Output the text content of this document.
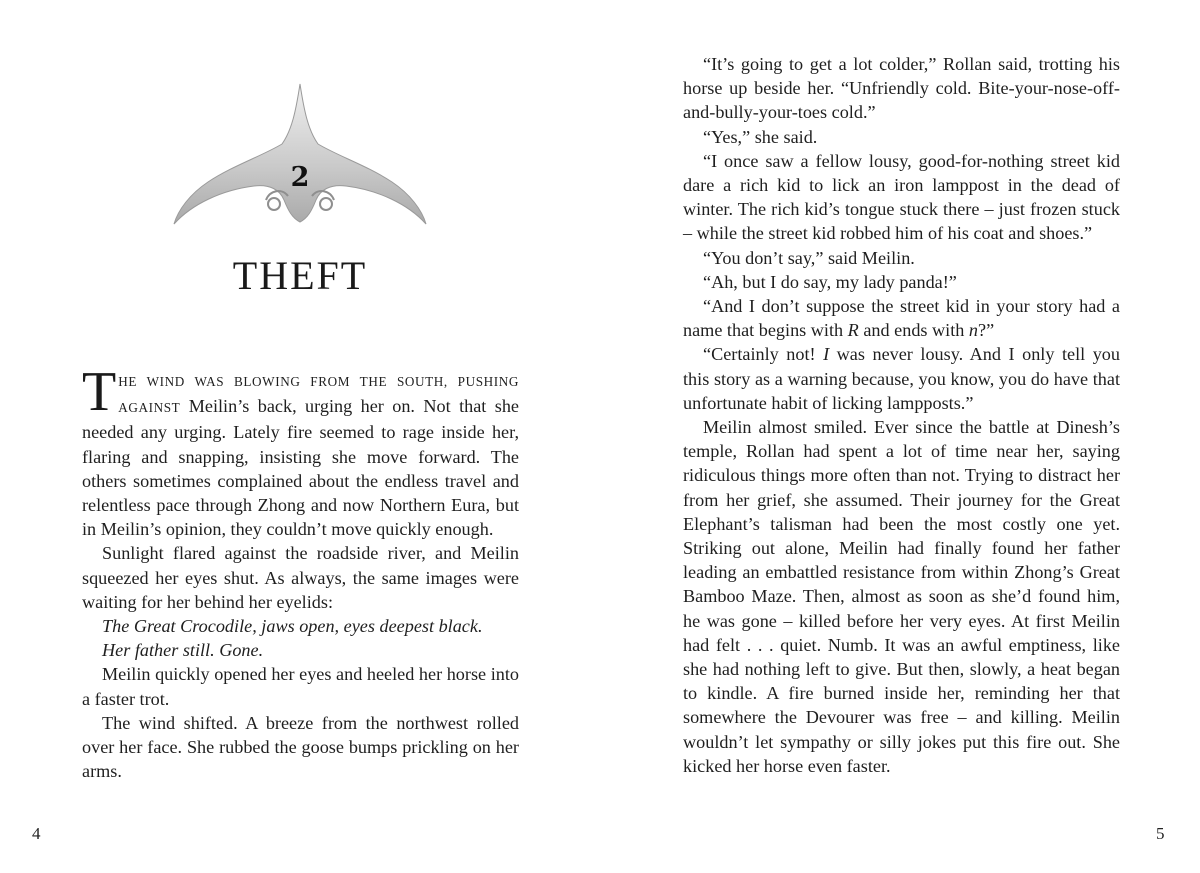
2
THEFT

THE WIND WAS BLOWING FROM THE SOUTH, PUSHING AGAINST Meilin’s back, urging her on. Not that she needed any urging. Lately fire seemed to rage inside her, flaring and snapping, insisting she move forward. The others sometimes complained about the endless travel and relentless pace through Zhong and now Northern Eura, but in Meilin’s opinion, they couldn’t move quickly enough.

Sunlight flared against the roadside river, and Meilin squeezed her eyes shut. As always, the same images were waiting for her behind her eyelids:

The Great Crocodile, jaws open, eyes deepest black.

Her father still. Gone.

Meilin quickly opened her eyes and heeled her horse into a faster trot.

The wind shifted. A breeze from the northwest rolled over her face. She rubbed the goose bumps prickling on her arms.

4

“It’s going to get a lot colder,” Rollan said, trotting his horse up beside her. “Unfriendly cold. Bite-your-nose-off-and-bully-your-toes cold.”

“Yes,” she said.

“I once saw a fellow lousy, good-for-nothing street kid dare a rich kid to lick an iron lamppost in the dead of winter. The rich kid’s tongue stuck there – just frozen stuck – while the street kid robbed him of his coat and shoes.”

“You don’t say,” said Meilin.

“Ah, but I do say, my lady panda!”

“And I don’t suppose the street kid in your story had a name that begins with R and ends with n?”

“Certainly not! I was never lousy. And I only tell you this story as a warning because, you know, you do have that unfortunate habit of licking lampposts.”

Meilin almost smiled. Ever since the battle at Dinesh’s temple, Rollan had spent a lot of time near her, saying ridiculous things more often than not. Trying to distract her from her grief, she assumed. Their journey for the Great Elephant’s talisman had been the most costly one yet. Striking out alone, Meilin had finally found her father leading an embattled resistance from within Zhong’s Great Bamboo Maze. Then, almost as soon as she’d found him, he was gone – killed before her very eyes. At first Meilin had felt . . . quiet. Numb. It was an awful emptiness, like she had nothing left to give. But then, slowly, a heat began to kindle. A fire burned inside her, reminding her that somewhere the Devourer was free – and killing. Meilin wouldn’t let sympathy or silly jokes put this fire out. She kicked her horse even faster.

5
